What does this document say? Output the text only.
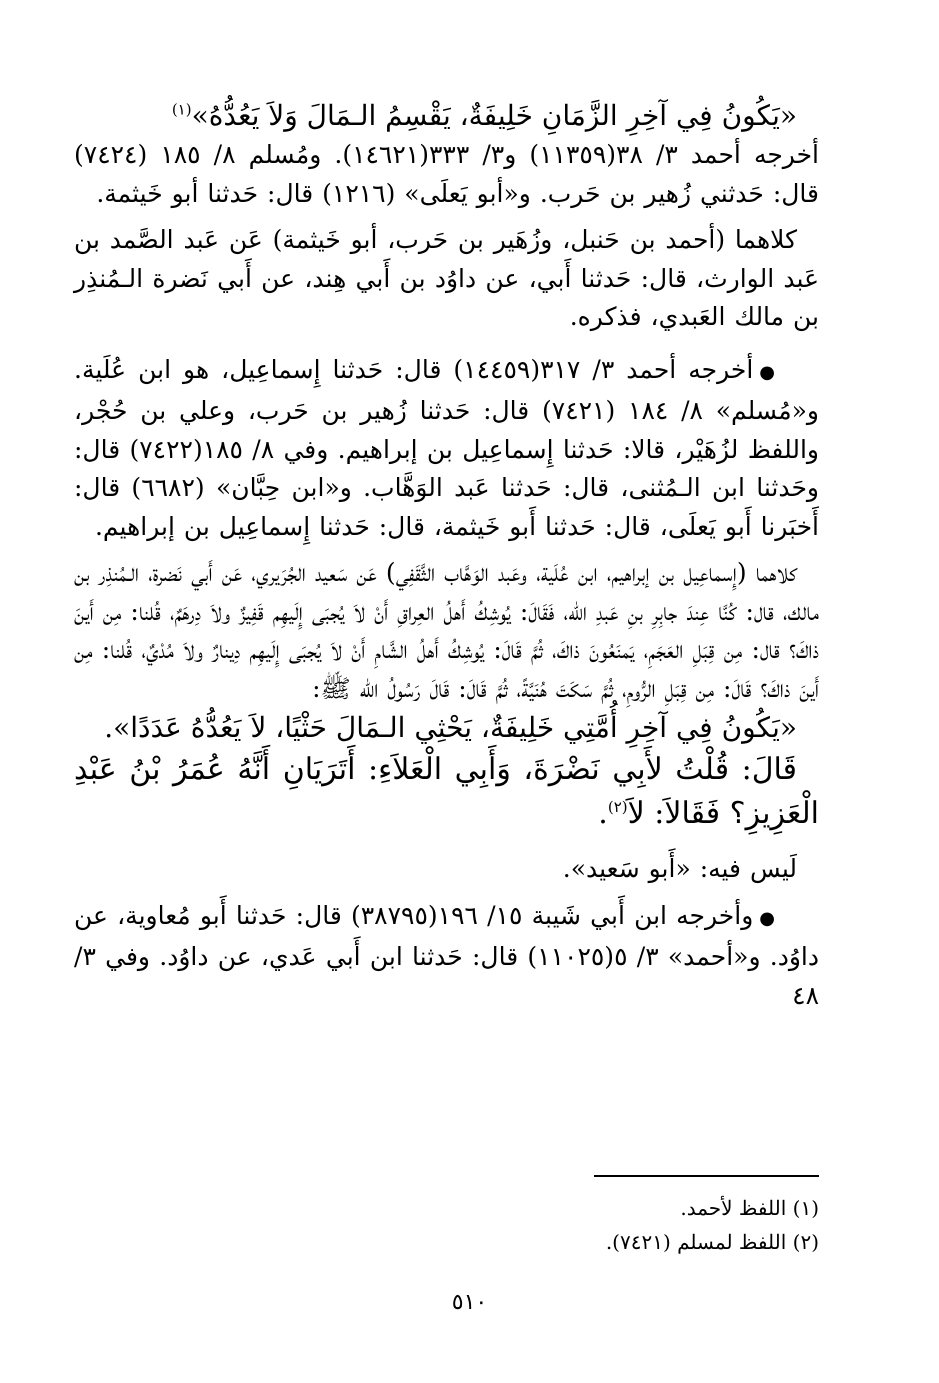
«يَكُونُ فِي آخِرِ الزَّمَانِ خَلِيفَةٌ، يَقْسِمُ الـمَالَ وَلاَ يَعُدُّهُ»$^{(١)}$

أخرجه أحمد ٣/ ٣٨(١١٣٥٩) و٣/ ٣٣٣(١٤٦٢١). ومُسلم ٨/ ١٨٥ (٧٤٢٤) قال: حَدثني زُهير بن حَرب. و«أبو يَعلَى» (١٢١٦) قال: حَدثنا أبو خَيثمة.

كلاهما (أحمد بن حَنبل، وزُهَير بن حَرب، أبو خَيثمة) عَن عَبد الصَّمد بن عَبد الوارث، قال: حَدثنا أَبي، عن داوُد بن أَبي هِند، عن أَبي نَضرة الـمُنذِر بن مالك العَبدي، فذكره.

●أخرجه أحمد ٣/ ٣١٧(١٤٤٥٩) قال: حَدثنا إِسماعِيل، هو ابن عُلَية. و«مُسلم» ٨/ ١٨٤ (٧٤٢١) قال: حَدثنا زُهير بن حَرب، وعلي بن حُجْر، واللفظ لزُهَيْر، قالا: حَدثنا إِسماعِيل بن إبراهيم. وفي ٨/ ١٨٥(٧٤٢٢) قال: وحَدثنا ابن الـمُثنى، قال: حَدثنا عَبد الوَهَّاب. و«ابن حِبَّان» (٦٦٨٢) قال: أَخبَرنا أَبو يَعلَى، قال: حَدثنا أَبو خَيثمة، قال: حَدثنا إِسماعِيل بن إبراهيم.

كلاهما (إِسماعِيل بن إبراهيم، ابن عُلَية، وعَبد الوَهَّاب الثَّقَفِي) عَن سَعيد الجُرَيري، عَن أَبي نَضرة، الـمُنذِر بن مالك، قال: كُنَّا عِندَ جابِرِ بنِ عَبدِ الله، فَقَالَ: يُوشِكُ أَهلُ العِراقِ أَنْ لاَ يُجبَى إِلَيهِم قَفِيزٌ ولاَ دِرهَمٌ، قُلنا: مِن أَينَ ذاكَ؟ قال: مِن قِبَلِ العَجَمِ، يَمنَعُونَ ذاكَ، ثُمَّ قَالَ: يُوشِكُ أَهلُ الشَّامِ أَنْ لاَ يُجبَى إِلَيهِم دِينارٌ ولاَ مُدْيٌ، قُلنا: مِن أَينَ ذاكَ؟ قَالَ: مِن قِبَلِ الرُّومِ، ثُمَّ سَكَتَ هُنَيَّةً، ثُمَّ قَالَ: قَالَ رَسُولُ الله ﷺ:

«يَكُونُ فِي آخِرِ أُمَّتِي خَلِيفَةٌ، يَحْثِي الـمَالَ حَثْيًا، لاَ يَعُدُّهُ عَدَدًا».

قَالَ: قُلْتُ لأَبِي نَضْرَةَ، وَأَبِي الْعَلاَءِ: أَتَرَيَانِ أَنَّهُ عُمَرُ بْنُ عَبْدِ الْعَزِيزِ؟ فَقَالاَ: لاَ$^{(٢)}$.

لَيس فيه: «أَبو سَعيد».

●وأخرجه ابن أَبي شَيبة ١٥/ ١٩٦(٣٨٧٩٥) قال: حَدثنا أَبو مُعاوية، عن داوُد. و«أحمد» ٣/ ٥(١١٠٢٥) قال: حَدثنا ابن أَبي عَدي، عن داوُد. وفي ٣/ ٤٨

(١) اللفظ لأحمد.

(٢) اللفظ لمسلم (٧٤٢١).

٥١٠
